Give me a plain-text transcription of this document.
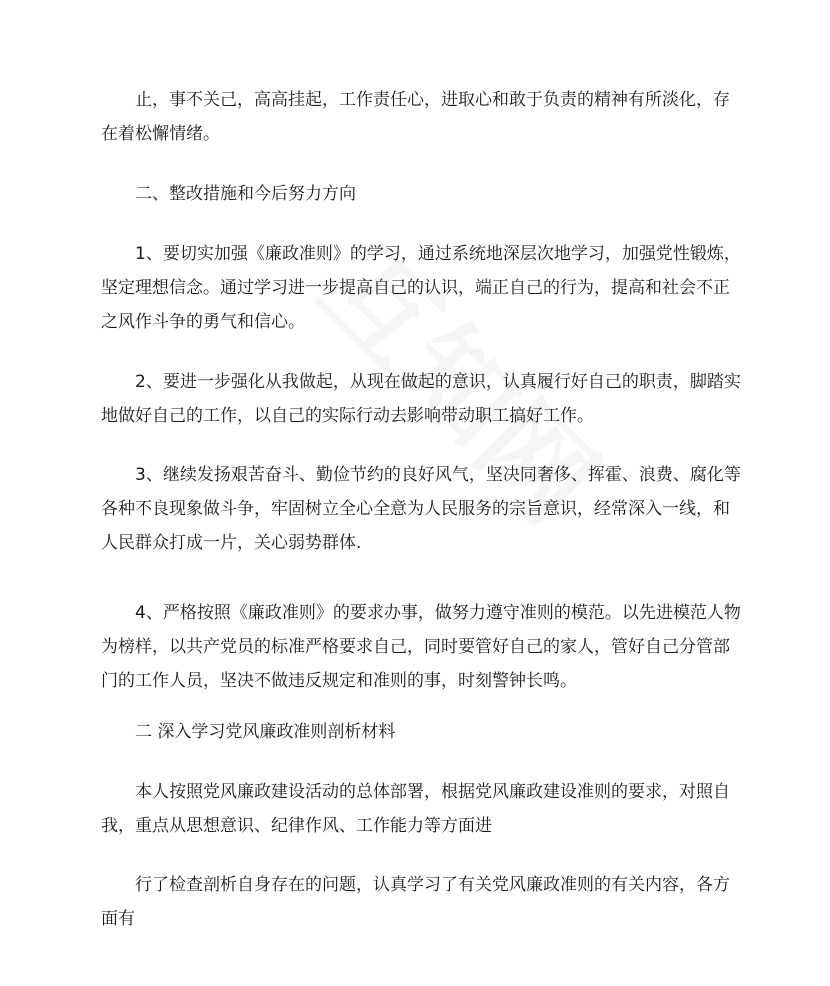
止，事不关己，高高挂起，工作责任心，进取心和敢于负责的精神有所淡化，存在着松懈情绪。

二、整改措施和今后努力方向

1、要切实加强《廉政准则》的学习，通过系统地深层次地学习，加强党性锻炼，坚定理想信念。通过学习进一步提高自己的认识，端正自己的行为，提高和社会不正之风作斗争的勇气和信心。

2、要进一步强化从我做起，从现在做起的意识，认真履行好自己的职责，脚踏实地做好自己的工作，以自己的实际行动去影响带动职工搞好工作。

3、继续发扬艰苦奋斗、勤俭节约的良好风气，坚决同奢侈、挥霍、浪费、腐化等各种不良现象做斗争，牢固树立全心全意为人民服务的宗旨意识，经常深入一线，和人民群众打成一片，关心弱势群体.

4、严格按照《廉政准则》的要求办事，做努力遵守准则的模范。以先进模范人物为榜样，以共产党员的标准严格要求自己，同时要管好自己的家人，管好自己分管部门的工作人员，坚决不做违反规定和准则的事，时刻警钟长鸣。

二 深入学习党风廉政准则剖析材料

本人按照党风廉政建设活动的总体部署，根据党风廉政建设准则的要求，对照自我，重点从思想意识、纪律作风、工作能力等方面进

行了检查剖析自身存在的问题，认真学习了有关党风廉政准则的有关内容，各方面有
